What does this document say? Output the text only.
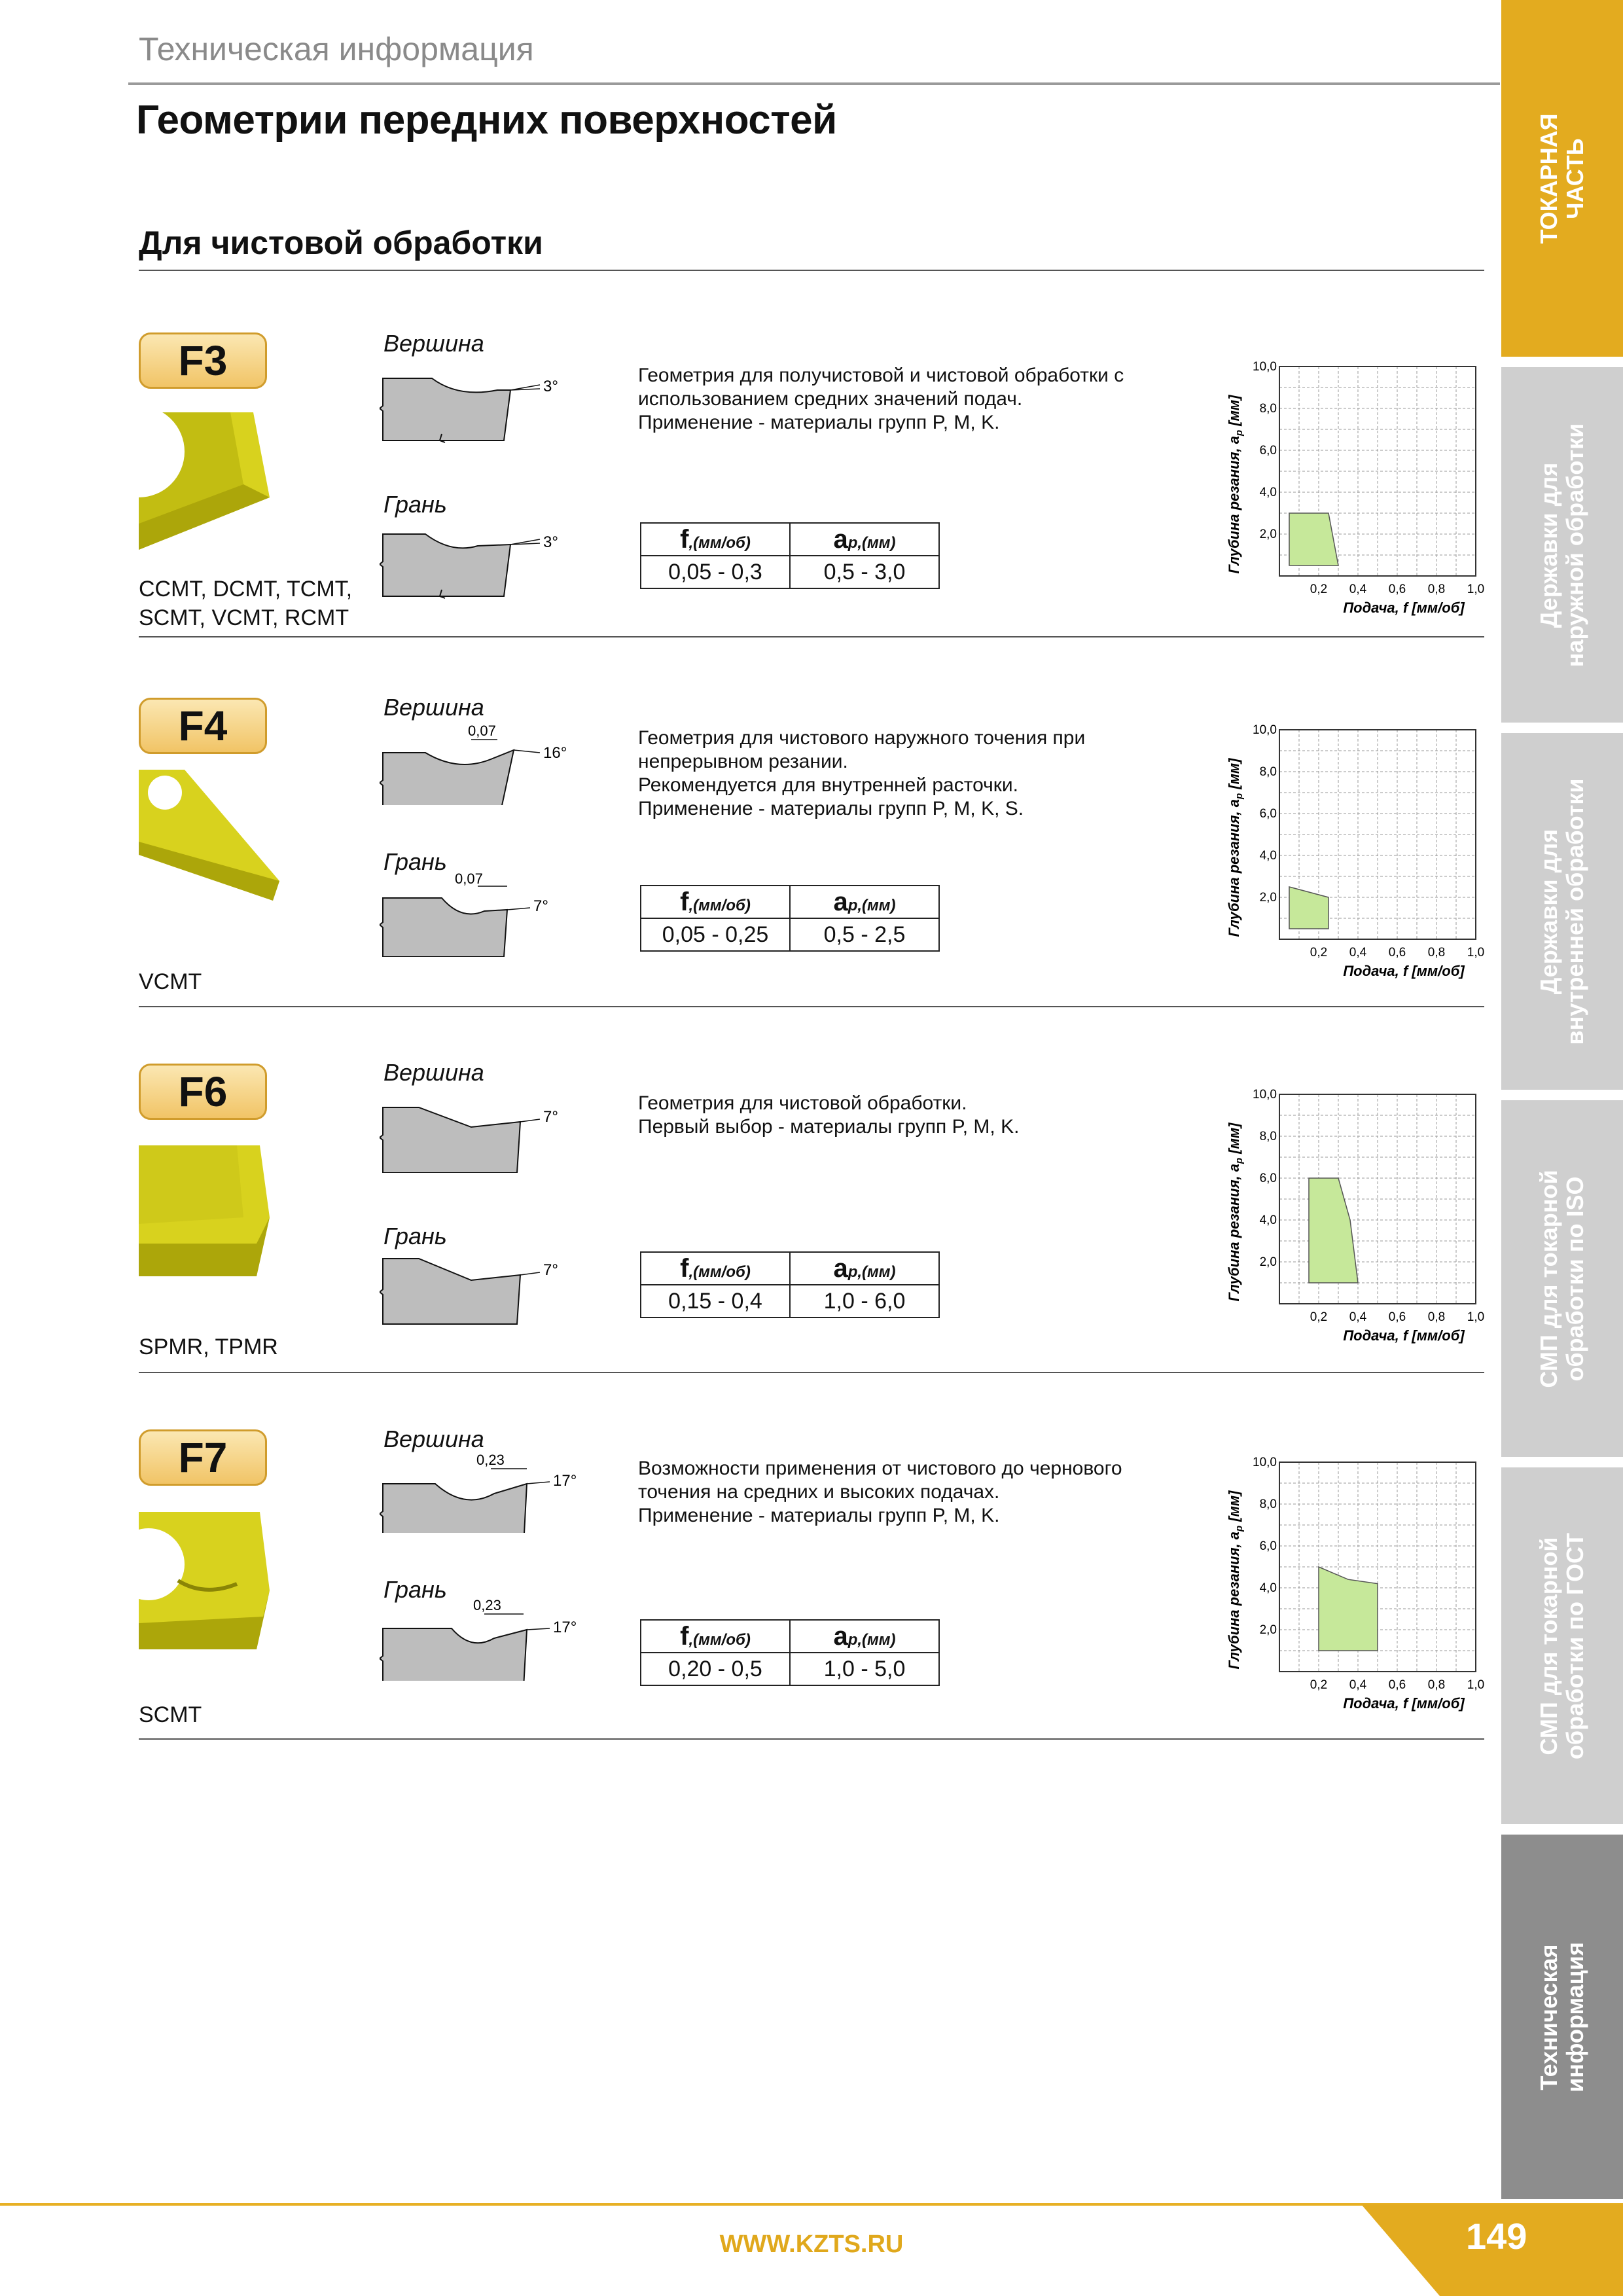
Техническая информация
Геометрии передних поверхностей
Для чистовой обработки
F3
CCMT, DCMT, TCMT,
SCMT, VCMT, RCMT
Вершина
3°
Грань
3°
Геометрия для получистовой и чистовой обработки с
использованием средних значений подач.
Применение - материалы групп P, M, K.
f,(мм/об)	ap,(мм)
0,05 - 0,3	0,5 - 3,0
0,2 0,4 0,6 0,8 1,0
2,0
4,0
6,0
8,0
10,0
Подача, f [мм/об]
Глубина резания, $a_p$ [мм]
F4
VCMT
Вершина
0,07
16°
Грань
0,07
7°
Геометрия для чистового наружного точения при
непрерывном резании.
Рекомендуется для внутренней расточки.
Применение - материалы групп P, M, K, S.
f,(мм/об)	ap,(мм)
0,05 - 0,25	0,5 - 2,5
0,2 0,4 0,6 0,8 1,0
2,0
4,0
6,0
8,0
10,0
Подача, f [мм/об]
Глубина резания, $a_p$ [мм]
F6
SPMR, TPMR
Вершина
7°
Грань
7°
Геометрия для чистовой обработки.
Первый выбор - материалы групп P, M, K.
f,(мм/об)	ap,(мм)
0,15 - 0,4	1,0 - 6,0
0,2 0,4 0,6 0,8 1,0
2,0
4,0
6,0
8,0
10,0
Подача, f [мм/об]
Глубина резания, $a_p$ [мм]
F7
SCMT
Вершина
0,23
17°
Грань
0,23
17°
Возможности применения от чистового до чернового
точения на средних и высоких подачах.
Применение - материалы групп P, M, K.
f,(мм/об)	ap,(мм)
0,20 - 0,5	1,0 - 5,0
0,2 0,4 0,6 0,8 1,0
2,0
4,0
6,0
8,0
10,0
Подача, f [мм/об]
Глубина резания, $a_p$ [мм]
ТОКАРНАЯ ЧАСТЬ
Державки для наружной обработки
Державки для внутренней обработки
СМП для токарной обработки по ISO
СМП для токарной обработки по ГОСТ
Техническая информация
149
WWW.KZTS.RU
